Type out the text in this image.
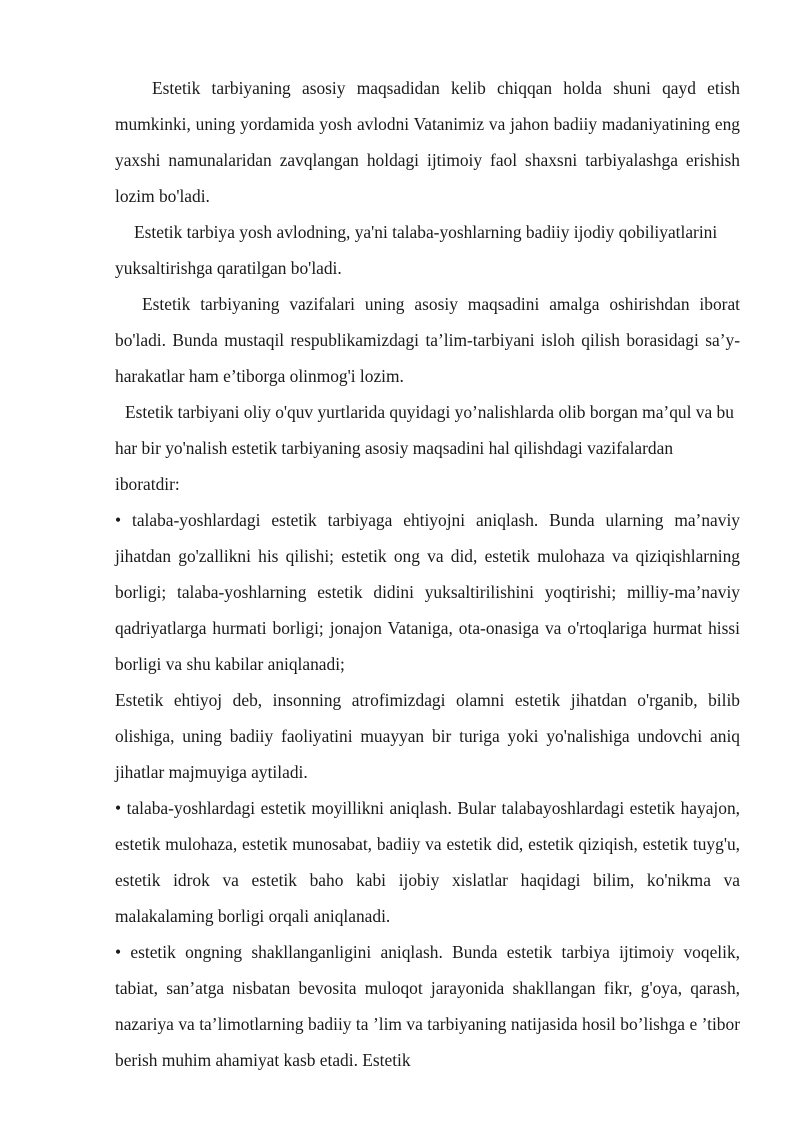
Estetik tarbiyaning asosiy maqsadidan kelib chiqqan holda shuni qayd etish mumkinki, uning yordamida yosh avlodni Vatanimiz va jahon badiiy madaniyatining eng yaxshi namunalaridan zavqlangan holdagi ijtimoiy faol shaxsni tarbiyalashga erishish lozim bo'ladi.

Estetik tarbiya yosh avlodning, ya'ni talaba-yoshlarning badiiy ijodiy qobiliyatlarini yuksaltirishga qaratilgan bo'ladi.

Estetik tarbiyaning vazifalari uning asosiy maqsadini amalga oshirishdan iborat bo'ladi. Bunda mustaqil respublikamizdagi ta’lim-tarbiyani isloh qilish borasidagi sa’y-harakatlar ham e’tiborga olinmog'i lozim.

Estetik tarbiyani oliy o'quv yurtlarida quyidagi yo’nalishlarda olib borgan ma’qul va bu har bir yo'nalish estetik tarbiyaning asosiy maqsadini hal qilishdagi vazifalardan iboratdir:

• talaba-yoshlardagi estetik tarbiyaga ehtiyojni aniqlash. Bunda ularning ma’naviy jihatdan go'zallikni his qilishi; estetik ong va did, estetik mulohaza va qiziqishlarning borligi; talaba-yoshlarning estetik didini yuksaltirilishini yoqtirishi; milliy-ma’naviy qadriyatlarga hurmati borligi; jonajon Vataniga, ota-onasiga va o'rtoqlariga hurmat hissi borligi va shu kabilar aniqlanadi;

Estetik ehtiyoj deb, insonning atrofimizdagi olamni estetik jihatdan o'rganib, bilib olishiga, uning badiiy faoliyatini muayyan bir turiga yoki yo'nalishiga undovchi aniq jihatlar majmuyiga aytiladi.

• talaba-yoshlardagi estetik moyillikni aniqlash. Bular talabayoshlardagi estetik hayajon, estetik mulohaza, estetik munosabat, badiiy va estetik did, estetik qiziqish, estetik tuyg'u, estetik idrok va estetik baho kabi ijobiy xislatlar haqidagi bilim, ko'nikma va malakalaming borligi orqali aniqlanadi.

• estetik ongning shakllanganligini aniqlash. Bunda estetik tarbiya ijtimoiy voqelik, tabiat, san’atga nisbatan bevosita muloqot jarayonida shakllangan fikr, g'oya, qarash, nazariya va ta’limotlarning badiiy ta ’lim va tarbiyaning natijasida hosil bo’lishga e ’tibor berish muhim ahamiyat kasb etadi. Estetik
